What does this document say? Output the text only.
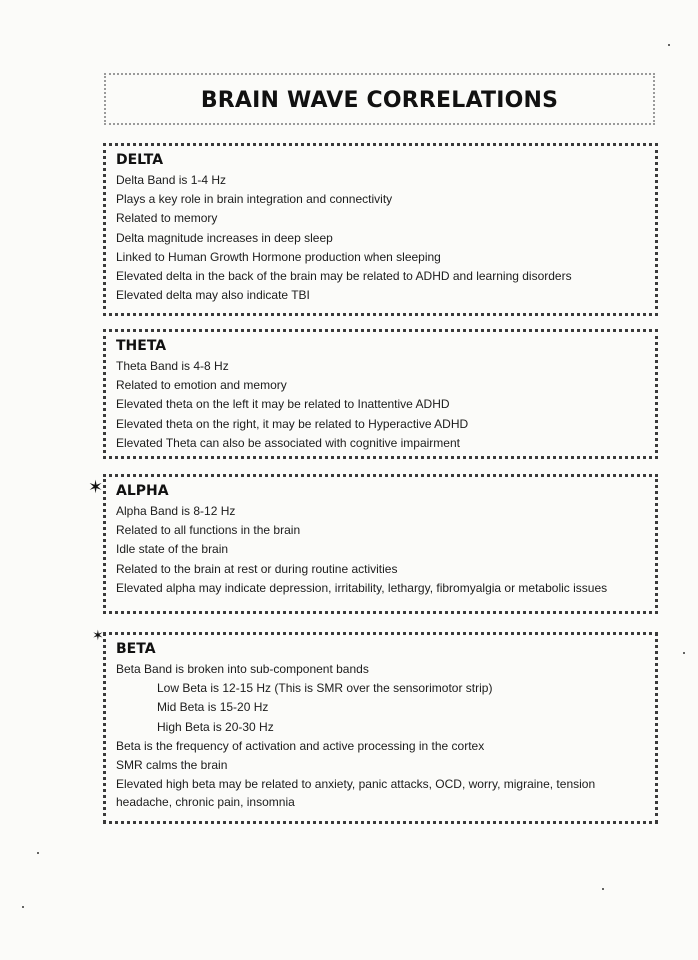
BRAIN WAVE CORRELATIONS
DELTA
Delta Band is 1-4 Hz
Plays a key role in brain integration and connectivity
Related to memory
Delta magnitude increases in deep sleep
Linked to Human Growth Hormone production when sleeping
Elevated delta in the back of the brain may be related to ADHD and learning disorders
Elevated delta may also indicate TBI
THETA
Theta Band is 4-8 Hz
Related to emotion and memory
Elevated theta on the left it may be related to Inattentive ADHD
Elevated theta on the right, it may be related to Hyperactive ADHD
Elevated Theta can also be associated with cognitive impairment
ALPHA
Alpha Band is 8-12 Hz
Related to all functions in the brain
Idle state of the brain
Related to the brain at rest or during routine activities
Elevated alpha may indicate depression, irritability, lethargy, fibromyalgia or metabolic issues
BETA
Beta Band is broken into sub-component bands
Low Beta is 12-15 Hz (This is SMR over the sensorimotor strip)
Mid Beta is 15-20 Hz
High Beta is 20-30 Hz
Beta is the frequency of activation and active processing in the cortex
SMR calms the brain
Elevated high beta may be related to anxiety, panic attacks, OCD, worry, migraine, tension headache, chronic pain, insomnia
✶
✶
